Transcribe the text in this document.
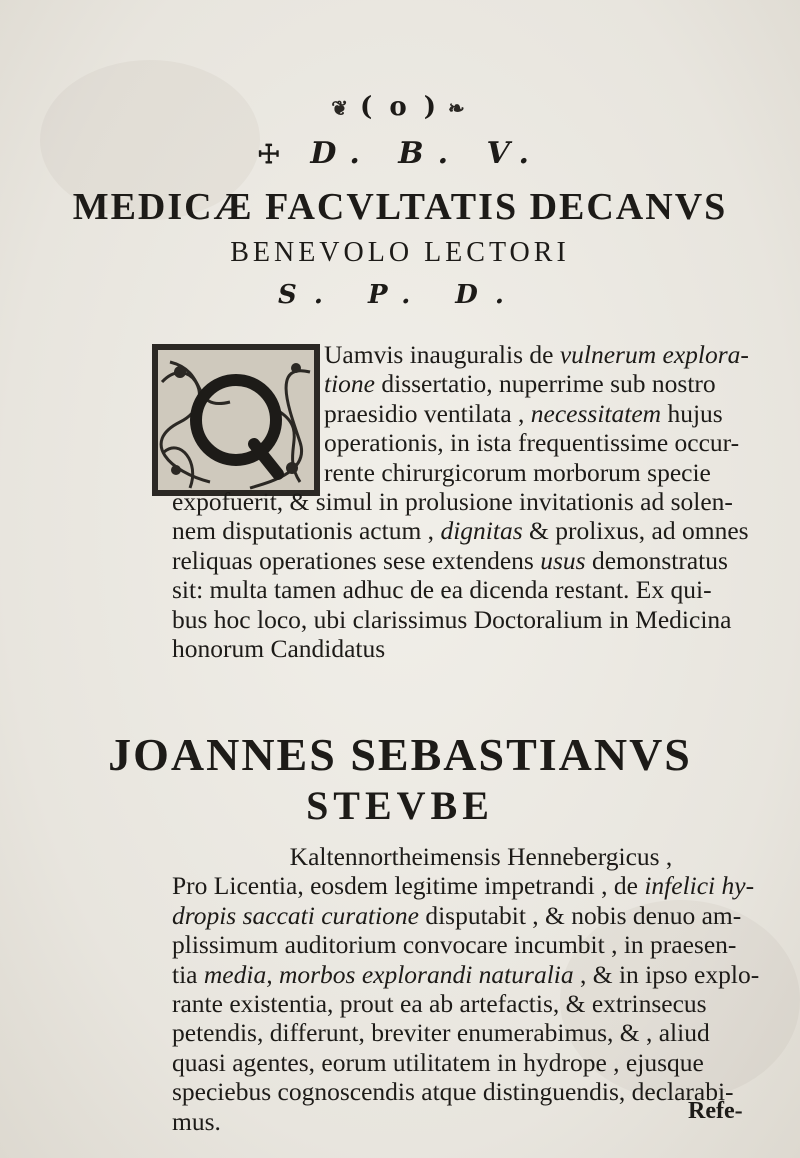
❦ ( o ) ❧
☩ D. B. V.
MEDICÆ FACVLTATIS DECANVS
BENEVOLO LECTORI
S. P. D.
Uamvis inauguralis de vulnerum explora-
tione dissertatio, nuperrime sub nostro
praesidio ventilata , necessitatem hujus
operationis, in ista frequentissime occur-
rente chirurgicorum morborum specie
expofuerit, & simul in prolusione invitationis ad solen-
nem disputationis actum , dignitas & prolixus, ad omnes
reliquas operationes sese extendens usus demonstratus
sit: multa tamen adhuc de ea dicenda restant. Ex qui-
bus hoc loco, ubi clarissimus Doctoralium in Medicina
honorum Candidatus
JOANNES SEBASTIANVS
STEVBE
Kaltennortheimensis Hennebergicus ,
Pro Licentia, eosdem legitime impetrandi , de infelici hy-
dropis saccati curatione disputabit , & nobis denuo am-
plissimum auditorium convocare incumbit , in praesen-
tia media, morbos explorandi naturalia , & in ipso explo-
rante existentia, prout ea ab artefactis, & extrinsecus
petendis, differunt, breviter enumerabimus, & , aliud
quasi agentes, eorum utilitatem in hydrope , ejusque
speciebus cognoscendis atque distinguendis, declarabi-
mus.	Refe-
